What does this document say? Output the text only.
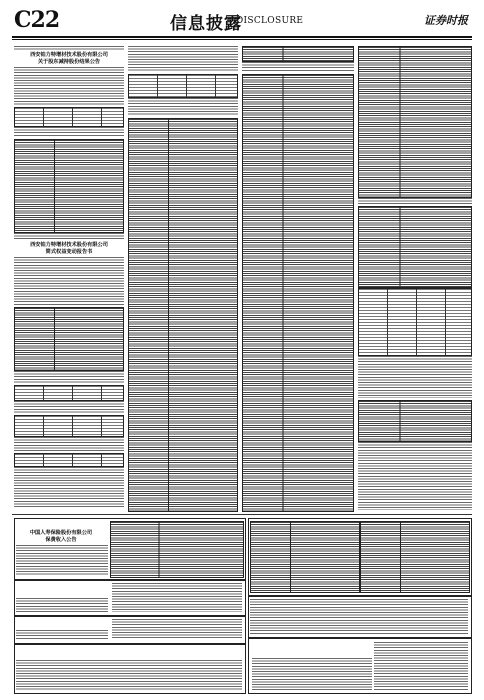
C22	信息披露
DISCLOSURE	证券时报
西安铂力特增材技术股份有限公司
关于股东减持股份结果公告
西安铂力特增材技术股份有限公司
简式权益变动报告书
中国人寿保险股份有限公司
保费收入公告
